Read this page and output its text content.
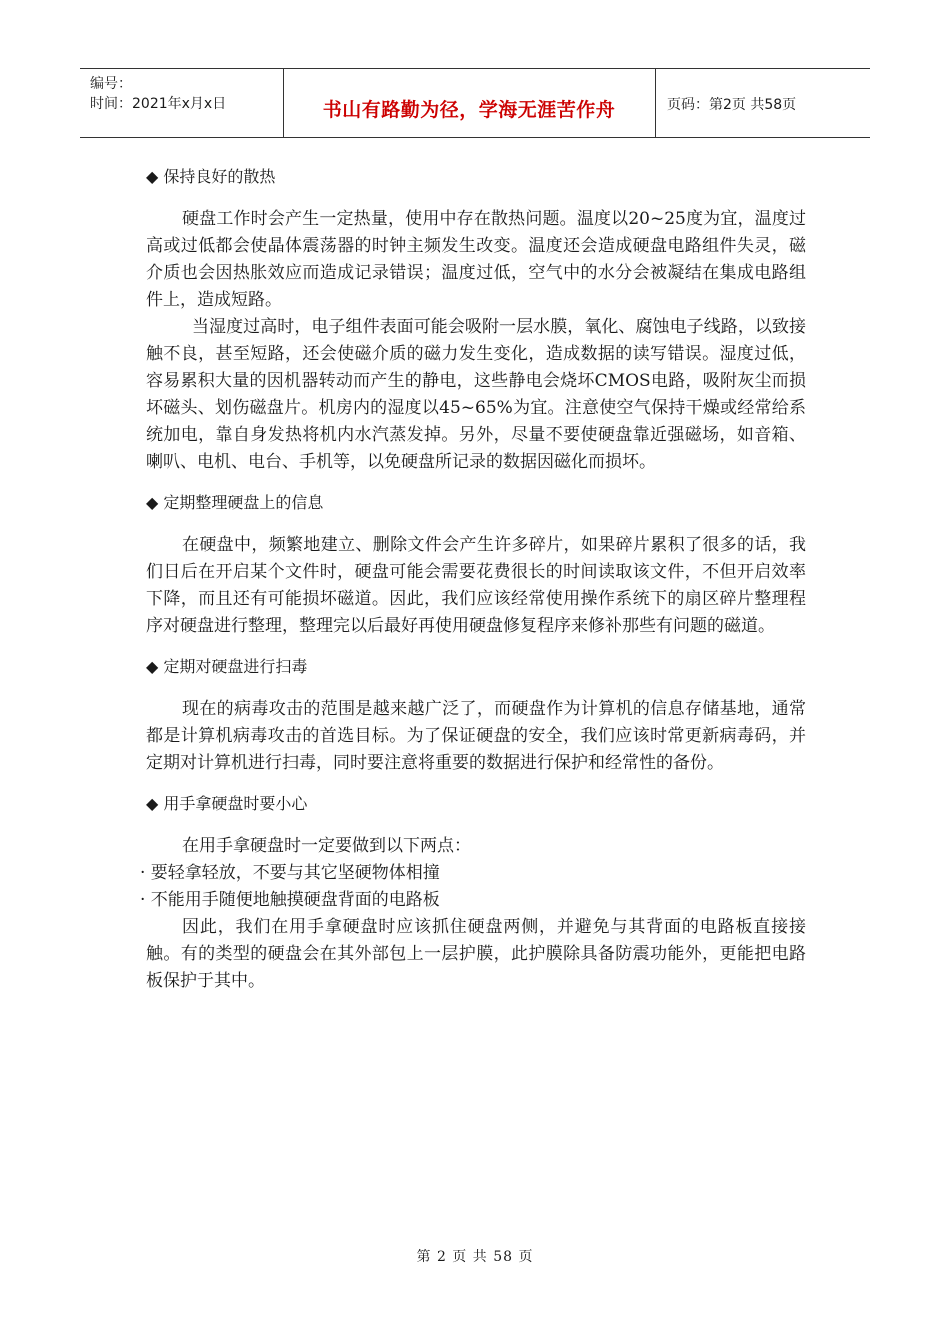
编号：
时间：2021年x月x日	书山有路勤为径，学海无涯苦作舟	页码：第2页 共58页
◆ 保持良好的散热

硬盘工作时会产生一定热量，使用中存在散热问题。温度以20~25度为宜，温度过高或过低都会使晶体震荡器的时钟主频发生改变。温度还会造成硬盘电路组件失灵，磁介质也会因热胀效应而造成记录错误；温度过低，空气中的水分会被凝结在集成电路组件上，造成短路。

当湿度过高时，电子组件表面可能会吸附一层水膜，氧化、腐蚀电子线路，以致接触不良，甚至短路，还会使磁介质的磁力发生变化，造成数据的读写错误。湿度过低，容易累积大量的因机器转动而产生的静电，这些静电会烧坏CMOS电路，吸附灰尘而损坏磁头、划伤磁盘片。机房内的湿度以45~65%为宜。注意使空气保持干燥或经常给系统加电，靠自身发热将机内水汽蒸发掉。另外，尽量不要使硬盘靠近强磁场，如音箱、喇叭、电机、电台、手机等，以免硬盘所记录的数据因磁化而损坏。

◆ 定期整理硬盘上的信息

在硬盘中，频繁地建立、删除文件会产生许多碎片，如果碎片累积了很多的话，我们日后在开启某个文件时，硬盘可能会需要花费很长的时间读取该文件，不但开启效率下降，而且还有可能损坏磁道。因此，我们应该经常使用操作系统下的扇区碎片整理程序对硬盘进行整理，整理完以后最好再使用硬盘修复程序来修补那些有问题的磁道。

◆ 定期对硬盘进行扫毒

现在的病毒攻击的范围是越来越广泛了，而硬盘作为计算机的信息存储基地，通常都是计算机病毒攻击的首选目标。为了保证硬盘的安全，我们应该时常更新病毒码，并定期对计算机进行扫毒，同时要注意将重要的数据进行保护和经常性的备份。

◆ 用手拿硬盘时要小心

在用手拿硬盘时一定要做到以下两点：

· 要轻拿轻放，不要与其它坚硬物体相撞
· 不能用手随便地触摸硬盘背面的电路板

因此，我们在用手拿硬盘时应该抓住硬盘两侧，并避免与其背面的电路板直接接触。有的类型的硬盘会在其外部包上一层护膜，此护膜除具备防震功能外，更能把电路板保护于其中。

第 2 页 共 58 页
